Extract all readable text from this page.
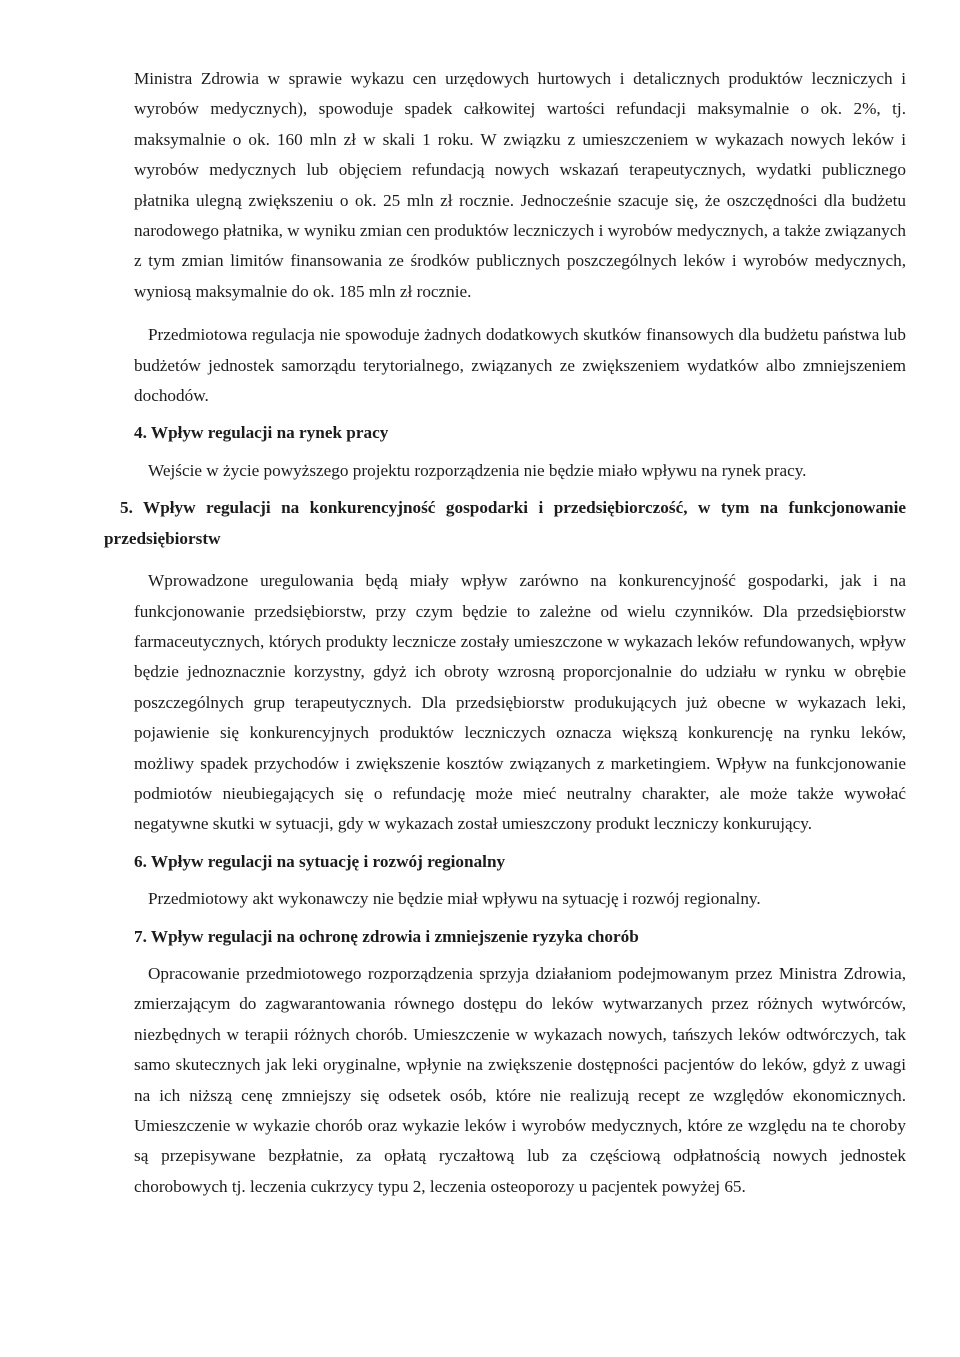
Ministra Zdrowia w sprawie wykazu cen urzędowych hurtowych i detalicznych produktów leczniczych i wyrobów medycznych), spowoduje spadek całkowitej wartości refundacji maksymalnie o ok. 2%, tj. maksymalnie o ok. 160 mln zł w skali 1 roku. W związku z umieszczeniem w wykazach nowych leków i wyrobów medycznych lub objęciem refundacją nowych wskazań terapeutycznych, wydatki publicznego płatnika ulegną zwiększeniu o ok. 25 mln zł rocznie. Jednocześnie szacuje się, że oszczędności dla budżetu narodowego płatnika, w wyniku zmian cen produktów leczniczych i wyrobów medycznych, a także związanych z tym zmian limitów finansowania ze środków publicznych poszczególnych leków i wyrobów medycznych, wyniosą maksymalnie do ok. 185 mln zł rocznie.

Przedmiotowa regulacja nie spowoduje żadnych dodatkowych skutków finansowych dla budżetu państwa lub budżetów jednostek samorządu terytorialnego, związanych ze zwiększeniem wydatków albo zmniejszeniem dochodów.

4. Wpływ regulacji na rynek pracy

Wejście w życie powyższego projektu rozporządzenia nie będzie miało wpływu na rynek pracy.

5. Wpływ regulacji na konkurencyjność gospodarki i przedsiębiorczość, w tym na funkcjonowanie przedsiębiorstw

Wprowadzone uregulowania będą miały wpływ zarówno na konkurencyjność gospodarki, jak i na funkcjonowanie przedsiębiorstw, przy czym będzie to zależne od wielu czynników. Dla przedsiębiorstw farmaceutycznych, których produkty lecznicze zostały umieszczone w wykazach leków refundowanych, wpływ będzie jednoznacznie korzystny, gdyż ich obroty wzrosną proporcjonalnie do udziału w rynku w obrębie poszczególnych grup terapeutycznych. Dla przedsiębiorstw produkujących już obecne w wykazach leki, pojawienie się konkurencyjnych produktów leczniczych oznacza większą konkurencję na rynku leków, możliwy spadek przychodów i zwiększenie kosztów związanych z marketingiem. Wpływ na funkcjonowanie podmiotów nieubiegających się o refundację może mieć neutralny charakter, ale może także wywołać negatywne skutki w sytuacji, gdy w wykazach został umieszczony produkt leczniczy konkurujący.

6. Wpływ regulacji na sytuację i rozwój regionalny

Przedmiotowy akt wykonawczy nie będzie miał wpływu na sytuację i rozwój regionalny.

7. Wpływ regulacji na ochronę zdrowia i zmniejszenie ryzyka chorób

Opracowanie przedmiotowego rozporządzenia sprzyja działaniom podejmowanym przez Ministra Zdrowia, zmierzającym do zagwarantowania równego dostępu do leków wytwarzanych przez różnych wytwórców, niezbędnych w terapii różnych chorób. Umieszczenie w wykazach nowych, tańszych leków odtwórczych, tak samo skutecznych jak leki oryginalne, wpłynie na zwiększenie dostępności pacjentów do leków, gdyż z uwagi na ich niższą cenę zmniejszy się odsetek osób, które nie realizują recept ze względów ekonomicznych. Umieszczenie w wykazie chorób oraz wykazie leków i wyrobów medycznych, które ze względu na te choroby są przepisywane bezpłatnie, za opłatą ryczałtową lub za częściową odpłatnością nowych jednostek chorobowych tj. leczenia cukrzycy typu 2, leczenia osteoporozy u pacjentek powyżej 65.
